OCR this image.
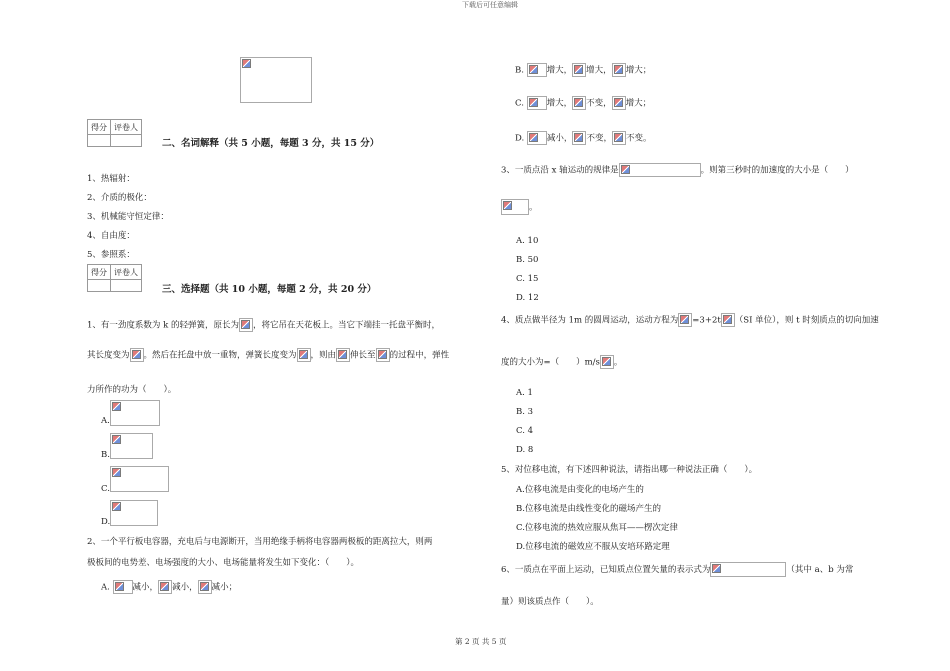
下载后可任意编辑
第 2 页 共 5 页
得分	评卷人

二、名词解释（共 5 小题，每题 3 分，共 15 分）
1、热辐射：
2、介质的极化：
3、机械能守恒定律：
4、自由度：
5、参照系：
得分	评卷人

三、选择题（共 10 小题，每题 2 分，共 20 分）
1、有一劲度系数为 k 的轻弹簧，原长为 ，将它吊在天花板上。当它下端挂一托盘平衡时，
其长度变为 。然后在托盘中放一重物，弹簧长度变为 ，则由 伸长至 的过程中，弹性
力所作的功为（　　）。
A.
B.
C.
D.
2、一个平行板电容器，充电后与电源断开，当用绝缘手柄将电容器两极板的距离拉大，则两
极板间的电势差、电场强度的大小、电场能量将发生如下变化：（　　）。
A.	减小， 减小， 减小；
B.	增大， 增大， 增大；
C.	增大， 不变， 增大；
D.	减小， 不变， 不变。
3、一质点沿 x 轴运动的规律是	。则第三秒时的加速度的大小是（　　）
。
A. 10
B. 50
C. 15
D. 12
4、质点做半径为 1m 的圆周运动，运动方程为 =3+2t （SI 单位），则 t 时刻质点的切向加速
度的大小为=（　　）m/s 。
A. 1
B. 3
C. 4
D. 8
5、对位移电流，有下述四种说法，请指出哪一种说法正确（　　）。
A.位移电流是由变化的电场产生的
B.位移电流是由线性变化的磁场产生的
C.位移电流的热效应服从焦耳——楞次定律
D.位移电流的磁效应不服从安培环路定理
6、一质点在平面上运动，已知质点位置矢量的表示式为	（其中 a、b 为常
量）则该质点作（　　）。
